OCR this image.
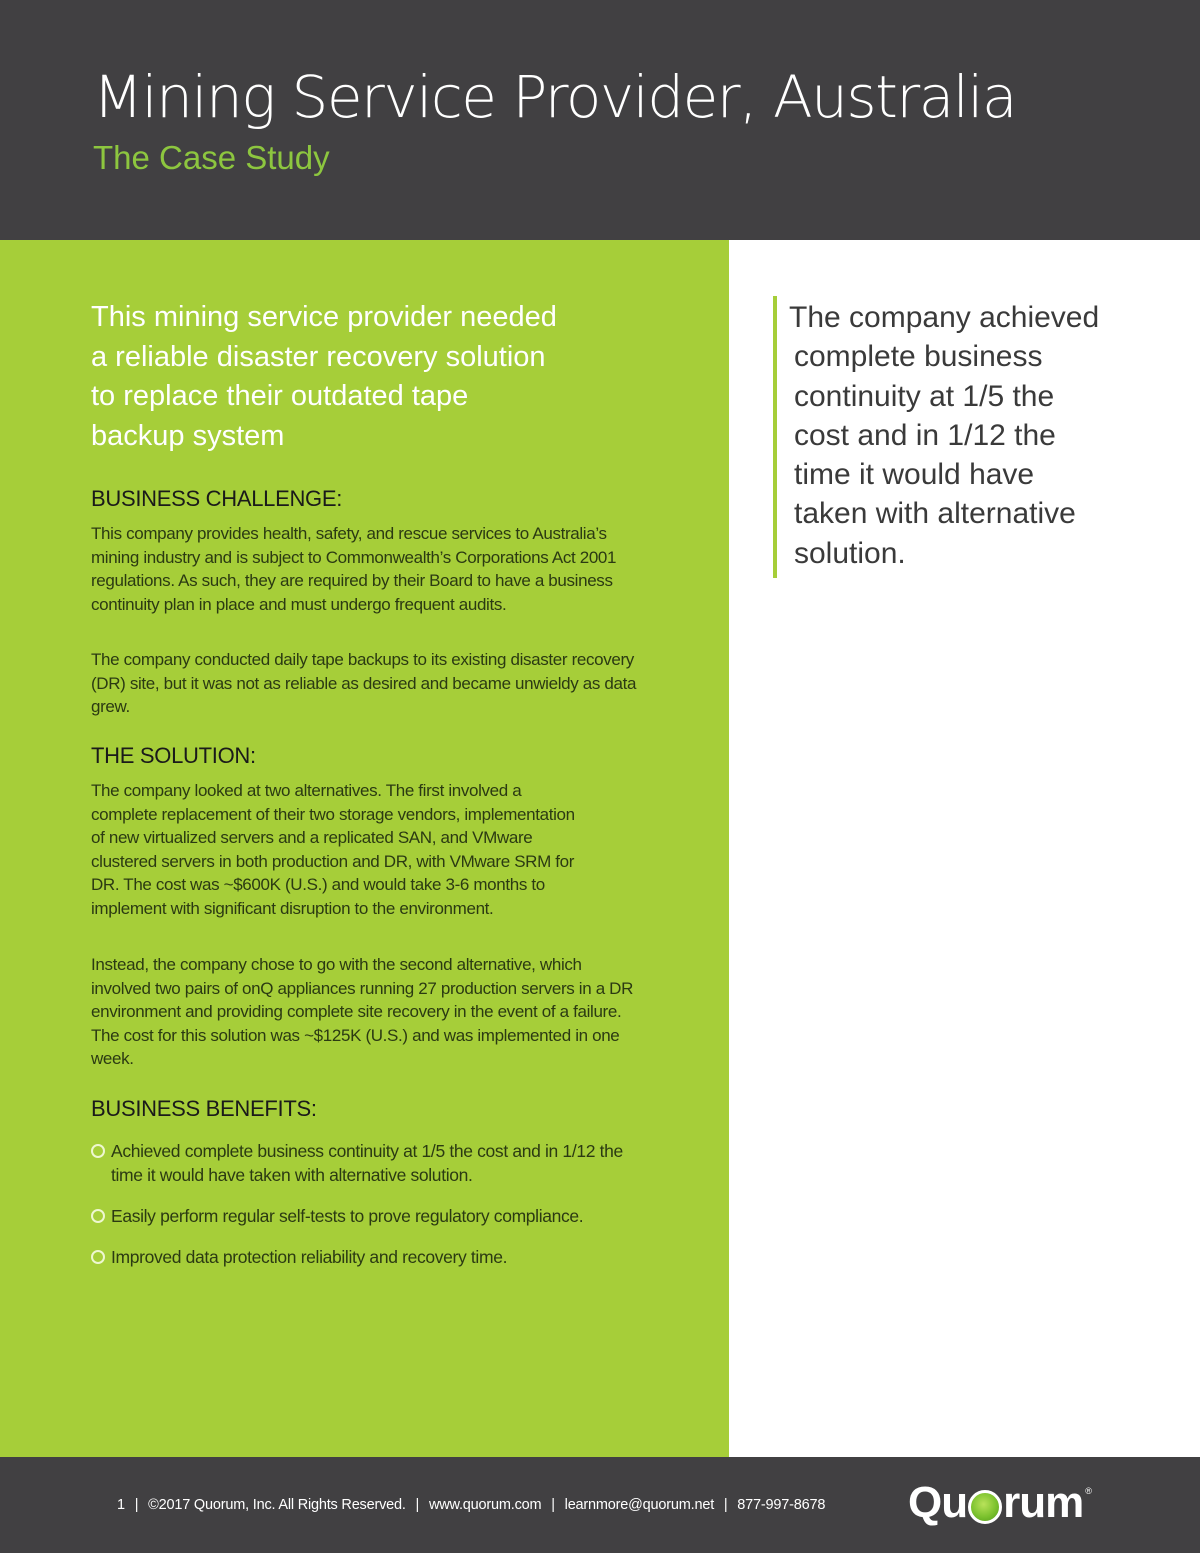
Mining Service Provider, Australia
The Case Study
This mining service provider needed
a reliable disaster recovery solution
to replace their outdated tape
backup system
BUSINESS CHALLENGE:
This company provides health, safety, and rescue services to Australia’s mining industry and is subject to Commonwealth’s Corporations Act 2001 regulations. As such, they are required by their Board to have a business continuity plan in place and must undergo frequent audits.
The company conducted daily tape backups to its existing disaster recovery (DR) site, but it was not as reliable as desired and became unwieldy as data grew.
THE SOLUTION:
The company looked at two alternatives. The first involved a complete replacement of their two storage vendors, implementation of new virtualized servers and a replicated SAN, and VMware clustered servers in both production and DR, with VMware SRM for DR. The cost was ~$600K (U.S.) and would take 3-6 months to implement with significant disruption to the environment.
Instead, the company chose to go with the second alternative, which involved two pairs of onQ appliances running 27 production servers in a DR environment and providing complete site recovery in the event of a failure. The cost for this solution was ~$125K (U.S.) and was implemented in one week.
BUSINESS BENEFITS:
Achieved complete business continuity at 1/5 the cost and in 1/12 the time it would have taken with alternative solution.
Easily perform regular self-tests to prove regulatory compliance.
Improved data protection reliability and recovery time.
The company achieved
complete business
continuity at 1/5 the
cost and in 1/12 the
time it would have
taken with alternative
solution.
1 | ©2017 Quorum, Inc. All Rights Reserved. | www.quorum.com | learnmore@quorum.net | 877-997-8678 Qu rum ®
